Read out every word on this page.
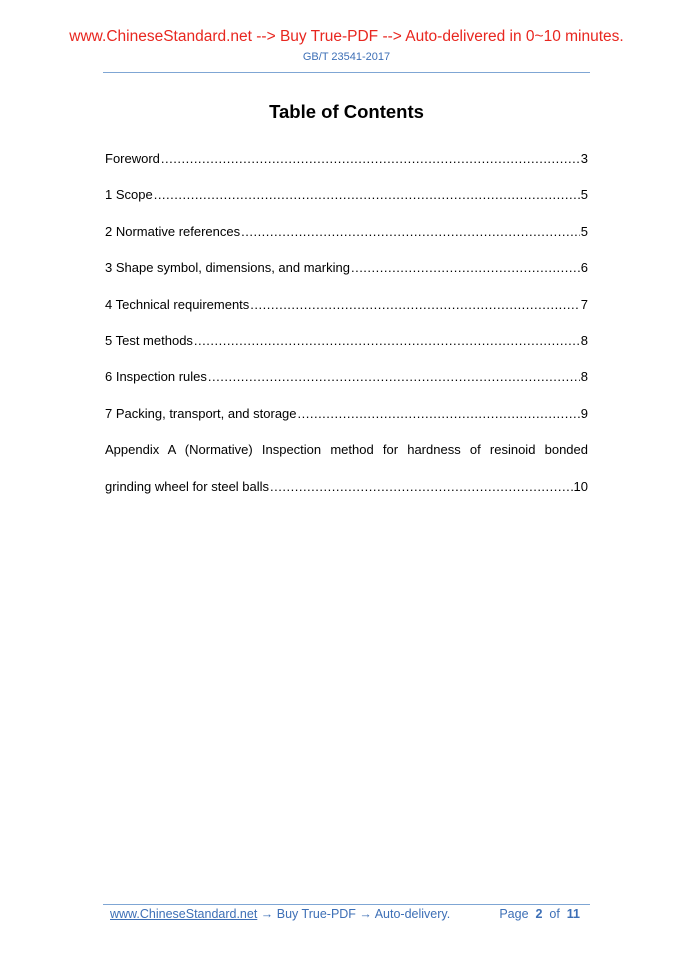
www.ChineseStandard.net --> Buy True-PDF --> Auto-delivered in 0~10 minutes.
GB/T 23541-2017
Table of Contents
Foreword .....	3
1 Scope .....	5
2 Normative references .....	5
3 Shape symbol, dimensions, and marking .....	6
4 Technical requirements .....	7
5 Test methods .....	8
6 Inspection rules .....	8
7 Packing, transport, and storage .....	9
Appendix A (Normative) Inspection method for hardness of resinoid bonded
grinding wheel for steel balls .....	10
www.ChineseStandard.net → Buy True-PDF → Auto-delivery.	Page 2 of 11
